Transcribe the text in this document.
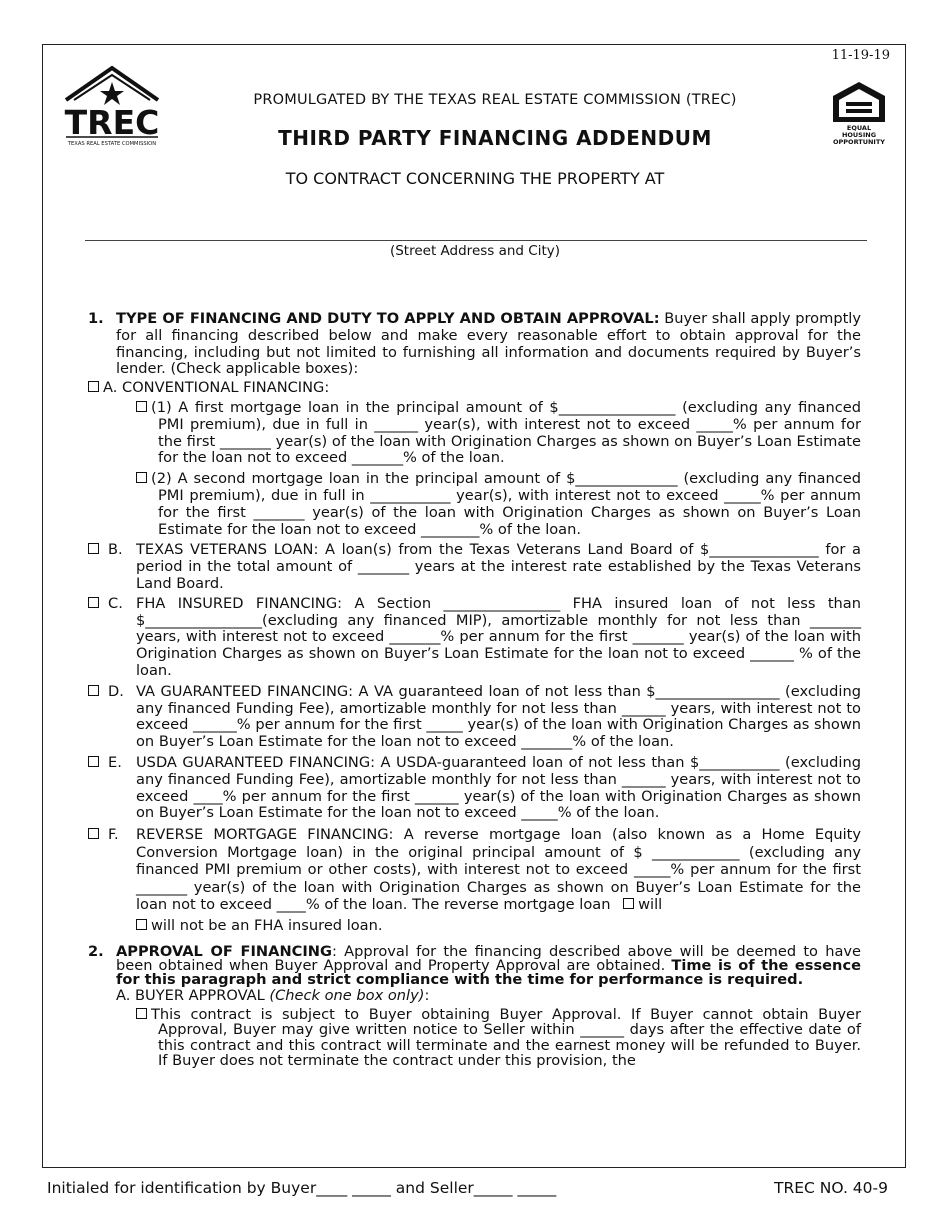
11-19-19
TREC
TEXAS REAL ESTATE COMMISSION
EQUAL
HOUSING
OPPORTUNITY
PROMULGATED BY THE TEXAS REAL ESTATE COMMISSION (TREC)
THIRD PARTY FINANCING ADDENDUM
TO CONTRACT CONCERNING THE PROPERTY AT
(Street Address and City)
1. TYPE OF FINANCING AND DUTY TO APPLY AND OBTAIN APPROVAL: Buyer shall apply promptly for all financing described below and make every reasonable effort to obtain approval for the financing, including but not limited to furnishing all information and documents required by Buyer’s lender. (Check applicable boxes):
A. CONVENTIONAL FINANCING:
(1) A first mortgage loan in the principal amount of $________________ (excluding any financed PMI premium), due in full in ______ year(s), with interest not to exceed _____% per annum for the first _______ year(s) of the loan with Origination Charges as shown on Buyer’s Loan Estimate for the loan not to exceed _______% of the loan.
(2) A second mortgage loan in the principal amount of $______________ (excluding any financed PMI premium), due in full in ___________ year(s), with interest not to exceed _____% per annum for the first _______ year(s) of the loan with Origination Charges as shown on Buyer’s Loan Estimate for the loan not to exceed ________% of the loan.
B. TEXAS VETERANS LOAN: A loan(s) from the Texas Veterans Land Board of $_______________ for a period in the total amount of _______ years at the interest rate established by the Texas Veterans Land Board.
C. FHA INSURED FINANCING: A Section ________________ FHA insured loan of not less than $________________(excluding any financed MIP), amortizable monthly for not less than _______ years, with interest not to exceed _______% per annum for the first _______ year(s) of the loan with Origination Charges as shown on Buyer’s Loan Estimate for the loan not to exceed ______ % of the loan.
D. VA GUARANTEED FINANCING: A VA guaranteed loan of not less than $_________________ (excluding any financed Funding Fee), amortizable monthly for not less than ______ years, with interest not to exceed ______% per annum for the first _____ year(s) of the loan with Origination Charges as shown on Buyer’s Loan Estimate for the loan not to exceed _______% of the loan.
E. USDA GUARANTEED FINANCING: A USDA-guaranteed loan of not less than $___________ (excluding any financed Funding Fee), amortizable monthly for not less than ______ years, with interest not to exceed ____% per annum for the first ______ year(s) of the loan with Origination Charges as shown on Buyer’s Loan Estimate for the loan not to exceed _____% of the loan.
F. REVERSE MORTGAGE FINANCING: A reverse mortgage loan (also known as a Home Equity Conversion Mortgage loan) in the original principal amount of $ ____________ (excluding any financed PMI premium or other costs), with interest not to exceed _____% per annum for the first _______ year(s) of the loan with Origination Charges as shown on Buyer’s Loan Estimate for the loan not to exceed ____% of the loan. The reverse mortgage loan will
will not be an FHA insured loan.
2. APPROVAL OF FINANCING: Approval for the financing described above will be deemed to have been obtained when Buyer Approval and Property Approval are obtained. Time is of the essence for this paragraph and strict compliance with the time for performance is required.
A. BUYER APPROVAL (Check one box only):
This contract is subject to Buyer obtaining Buyer Approval. If Buyer cannot obtain Buyer Approval, Buyer may give written notice to Seller within ______ days after the effective date of this contract and this contract will terminate and the earnest money will be refunded to Buyer. If Buyer does not terminate the contract under this provision, the
Initialed for identification by Buyer____ _____ and Seller_____ _____	TREC NO. 40-9
